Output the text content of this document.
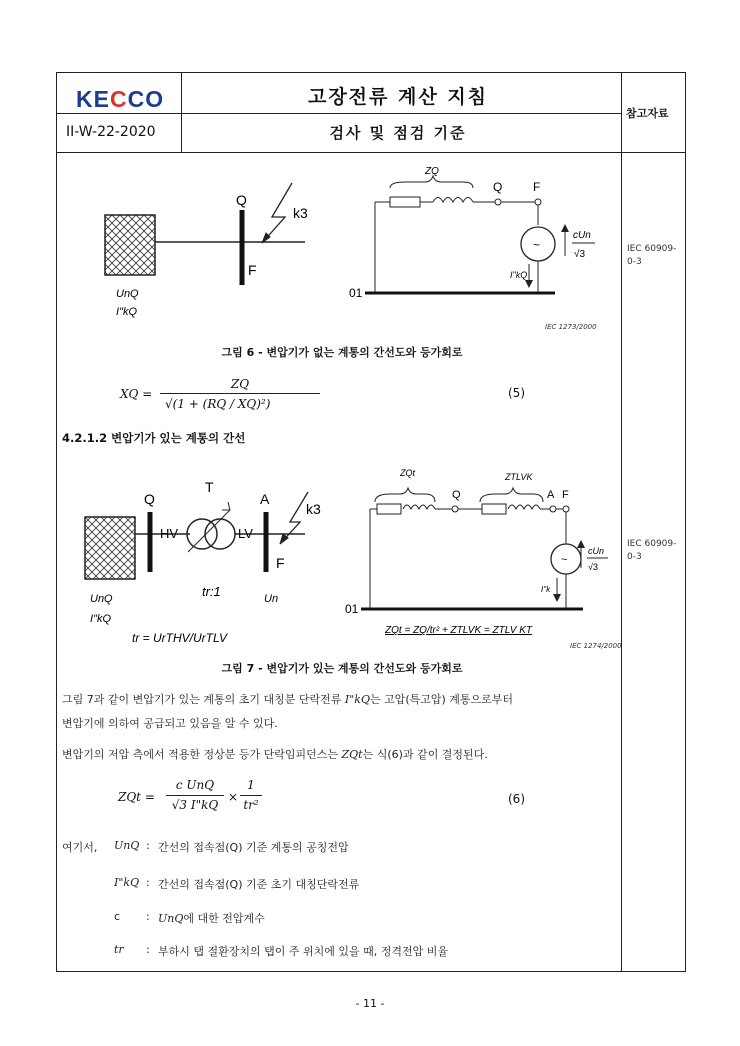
KECCO	고장전류 계산 지침
II-W-22-2020	검사 및 점검 기준
참고자료
IEC 60909-0-3
IEC 60909-0-3
Q
k3
F
UnQ
I"kQ
ZQ
Q	F
~
cUn
√3
I"kQ
01
IEC 1273/2000
그림 6 - 변압기가 없는 계통의 간선도와 등가회로
XQ =
ZQ
√(1 + (RQ / XQ)²)
(5)
4.2.1.2 변압기가 있는 계통의 간선
Q
T
A
HV	LV
k3
F
tr:1
UnQ
I"kQ
Un
tr = UrTHV/UrTLV
ZQt	ZTLVK
Q	A F
~
cUn
√3
I"k
01
ZQt = ZQ/tr² + ZTLVK = ZTLV KT
IEC 1274/2000
그림 7 - 변압기가 있는 계통의 간선도와 등가회로
그림 7과 같이 변압기가 있는 계통의 초기 대칭분 단락전류 I"kQ는 고압(특고압) 계통으로부터
변압기에 의하여 공급되고 있음을 알 수 있다.
변압기의 저압 측에서 적용한 정상분 등가 단락임피던스는 ZQt는 식(6)과 같이 결정된다.
ZQt =
c UnQ
√3 I"kQ
×
1
tr²	(6)
여기서, UnQ : 간선의 접속점(Q) 기준 계통의 공칭전압
I"kQ : 간선의 접속점(Q) 기준 초기 대칭단락전류
c : UnQ에 대한 전압계수
tr : 부하시 탭 절환장치의 탭이 주 위치에 있을 때, 정격전압 비율
- 11 -
